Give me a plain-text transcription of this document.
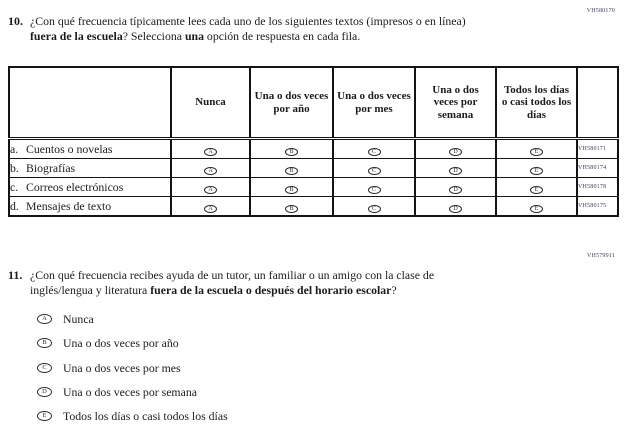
VH580170
10. ¿Con qué frecuencia típicamente lees cada uno de los siguientes textos (impresos o en línea) fuera de la escuela? Selecciona una opción de respuesta en cada fila.
	Nunca	Una o dos veces por año	Una o dos veces por mes	Una o dos veces por semana	Todos los días o casi todos los días	
a. Cuentos o novelas	A	B	C	D	E	VH580171
b. Biografías	A	B	C	D	E	VH580174
c. Correos electrónicos	A	B	C	D	E	VH580178
d. Mensajes de texto	A	B	C	D	E	VH580175
VH579911
11. ¿Con qué frecuencia recibes ayuda de un tutor, un familiar o un amigo con la clase de inglés/lengua y literatura fuera de la escuela o después del horario escolar?
A	Nunca
B	Una o dos veces por año
C	Una o dos veces por mes
D	Una o dos veces por semana
E	Todos los días o casi todos los días
